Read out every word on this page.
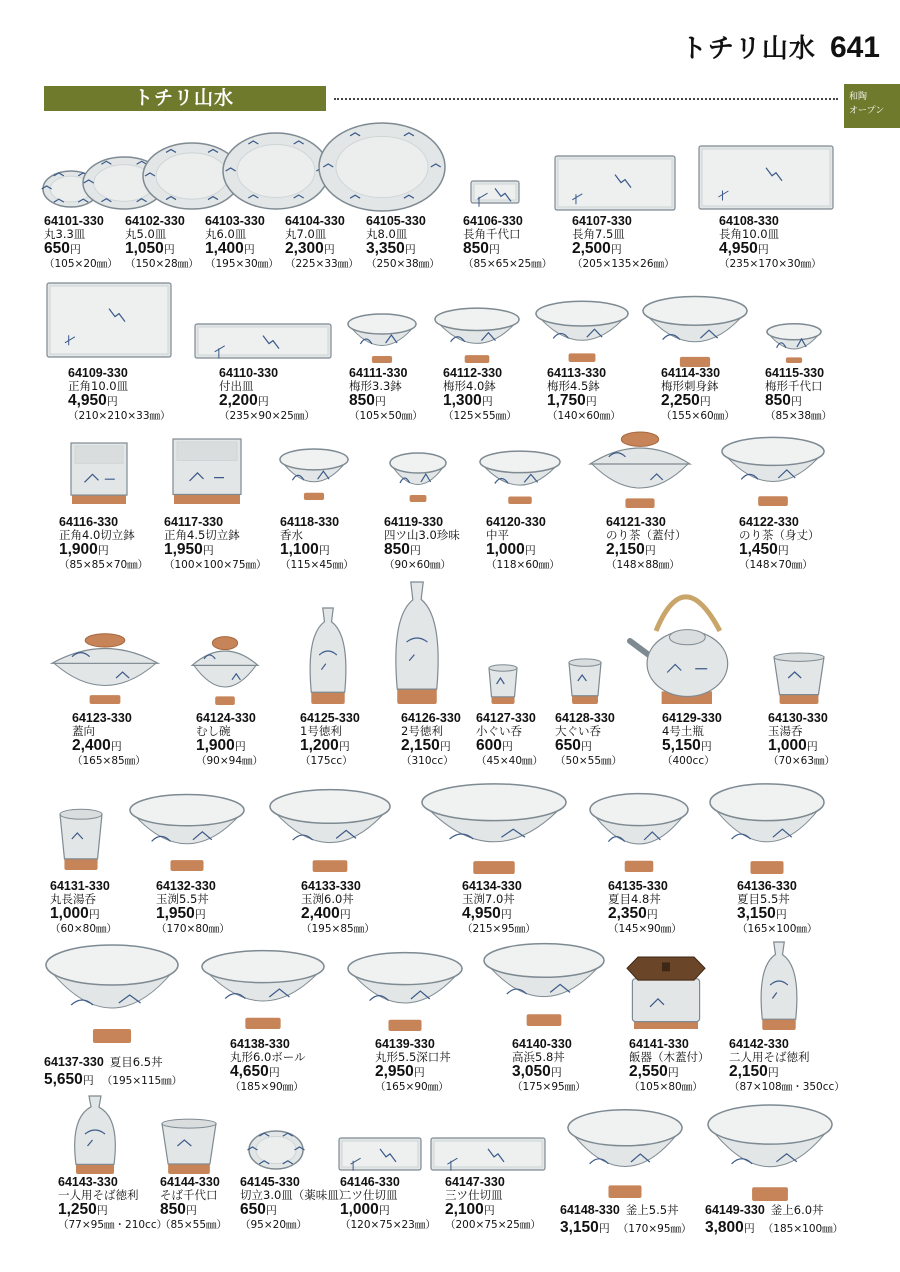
トチリ山水 641
トチリ山水	和陶
オープン
64101-330
丸3.3皿
650円
（105×20㎜）
64102-330
丸5.0皿
1,050円
（150×28㎜）
64103-330
丸6.0皿
1,400円
（195×30㎜）
64104-330
丸7.0皿
2,300円
（225×33㎜）
64105-330
丸8.0皿
3,350円
（250×38㎜）
64106-330
長角千代口
850円
（85×65×25㎜）
64107-330
長角7.5皿
2,500円
（205×135×26㎜）
64108-330
長角10.0皿
4,950円
（235×170×30㎜）
64109-330
正角10.0皿
4,950円
（210×210×33㎜）
64110-330
付出皿
2,200円
（235×90×25㎜）
64111-330
梅形3.3鉢
850円
（105×50㎜）
64112-330
梅形4.0鉢
1,300円
（125×55㎜）
64113-330
梅形4.5鉢
1,750円
（140×60㎜）
64114-330
梅形刺身鉢
2,250円
（155×60㎜）
64115-330
梅形千代口
850円
（85×38㎜）
64116-330
正角4.0切立鉢
1,900円
（85×85×70㎜）
64117-330
正角4.5切立鉢
1,950円
（100×100×75㎜）
64118-330
香水
1,100円
（115×45㎜）
64119-330
四ツ山3.0珍味
850円
（90×60㎜）
64120-330
中平
1,000円
（118×60㎜）
64121-330
のり茶（蓋付）
2,150円
（148×88㎜）
64122-330
のり茶（身丈）
1,450円
（148×70㎜）
64123-330
蓋向
2,400円
（165×85㎜）
64124-330
むし碗
1,900円
（90×94㎜）
64125-330
1号徳利
1,200円
（175cc）
64126-330
2号徳利
2,150円
（310cc）
64127-330
小ぐい呑
600円
（45×40㎜）
64128-330
大ぐい呑
650円
（50×55㎜）
64129-330
4号土瓶
5,150円
（400cc）
64130-330
玉湯呑
1,000円
（70×63㎜）
64131-330
丸長湯呑
1,000円
（60×80㎜）
64132-330
玉渕5.5丼
1,950円
（170×80㎜）
64133-330
玉渕6.0丼
2,400円
（195×85㎜）
64134-330
玉渕7.0丼
4,950円
（215×95㎜）
64135-330
夏目4.8丼
2,350円
（145×90㎜）
64136-330
夏目5.5丼
3,150円
（165×100㎜）
64137-330 夏目6.5丼
5,650円 （195×115㎜）
64138-330
丸形6.0ボール
4,650円
（185×90㎜）
64139-330
丸形5.5深口丼
2,950円
（165×90㎜）
64140-330
高浜5.8丼
3,050円
（175×95㎜）
64141-330
飯器（木蓋付）
2,550円
（105×80㎜）
64142-330
二人用そば徳利
2,150円
（87×108㎜・350cc）
64143-330
一人用そば徳利
1,250円
（77×95㎜・210cc）
64144-330
そば千代口
850円
（85×55㎜）
64145-330
切立3.0皿（薬味皿）
650円
（95×20㎜）
64146-330
二ツ仕切皿
1,000円
（120×75×23㎜）
64147-330
三ツ仕切皿
2,100円
（200×75×25㎜）
64148-330 釜上5.5丼
3,150円 （170×95㎜）
64149-330 釜上6.0丼
3,800円 （185×100㎜）
